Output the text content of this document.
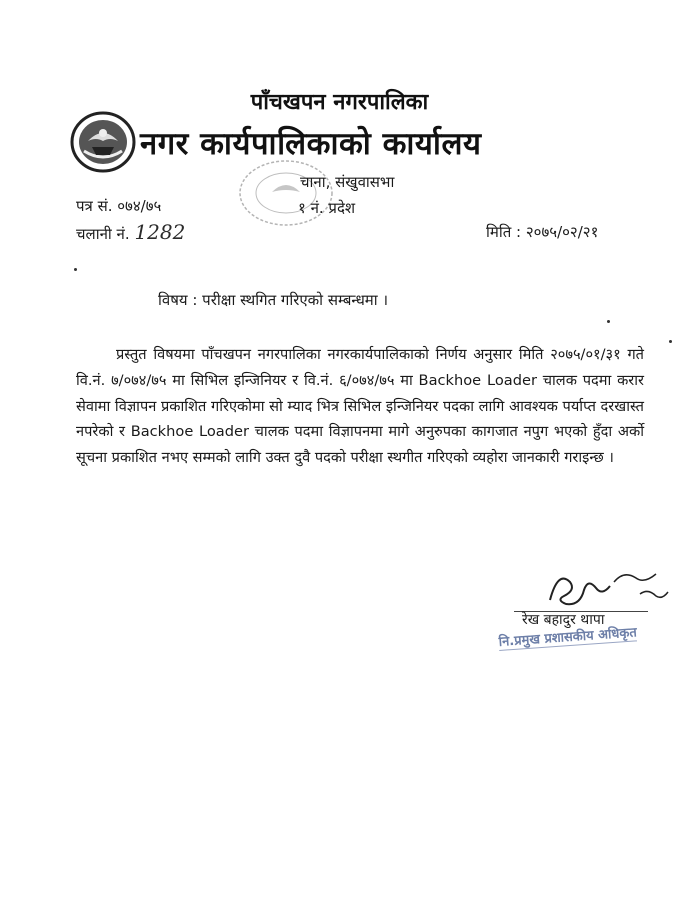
पाँचखपन नगरपालिका
नगर कार्यपालिकाको कार्यालय
चाना, संखुवासभा
१ नं. प्रदेश
पत्र सं. ०७४/७५
चलानी नं. 1282	मिति : २०७५/०२/२१
विषय : परीक्षा स्थगित गरिएको सम्बन्धमा ।
प्रस्तुत विषयमा पाँचखपन नगरपालिका नगरकार्यपालिकाको निर्णय अनुसार मिति २०७५/०१/३१ गते वि.नं. ७/०७४/७५ मा सिभिल इन्जिनियर र वि.नं. ६/०७४/७५ मा Backhoe Loader चालक पदमा करार सेवामा विज्ञापन प्रकाशित गरिएकोमा सो म्याद भित्र सिभिल इन्जिनियर पदका लागि आवश्यक पर्याप्त दरखास्त नपरेको र Backhoe Loader चालक पदमा विज्ञापनमा मागे अनुरुपका कागजात नपुग भएको हुँदा अर्को सूचना प्रकाशित नभए सम्मको लागि उक्त दुवै पदको परीक्षा स्थगीत गरिएको व्यहोरा जानकारी गराइन्छ ।
रेख बहादुर थापा
नि.प्रमुख प्रशासकीय अधिकृत
